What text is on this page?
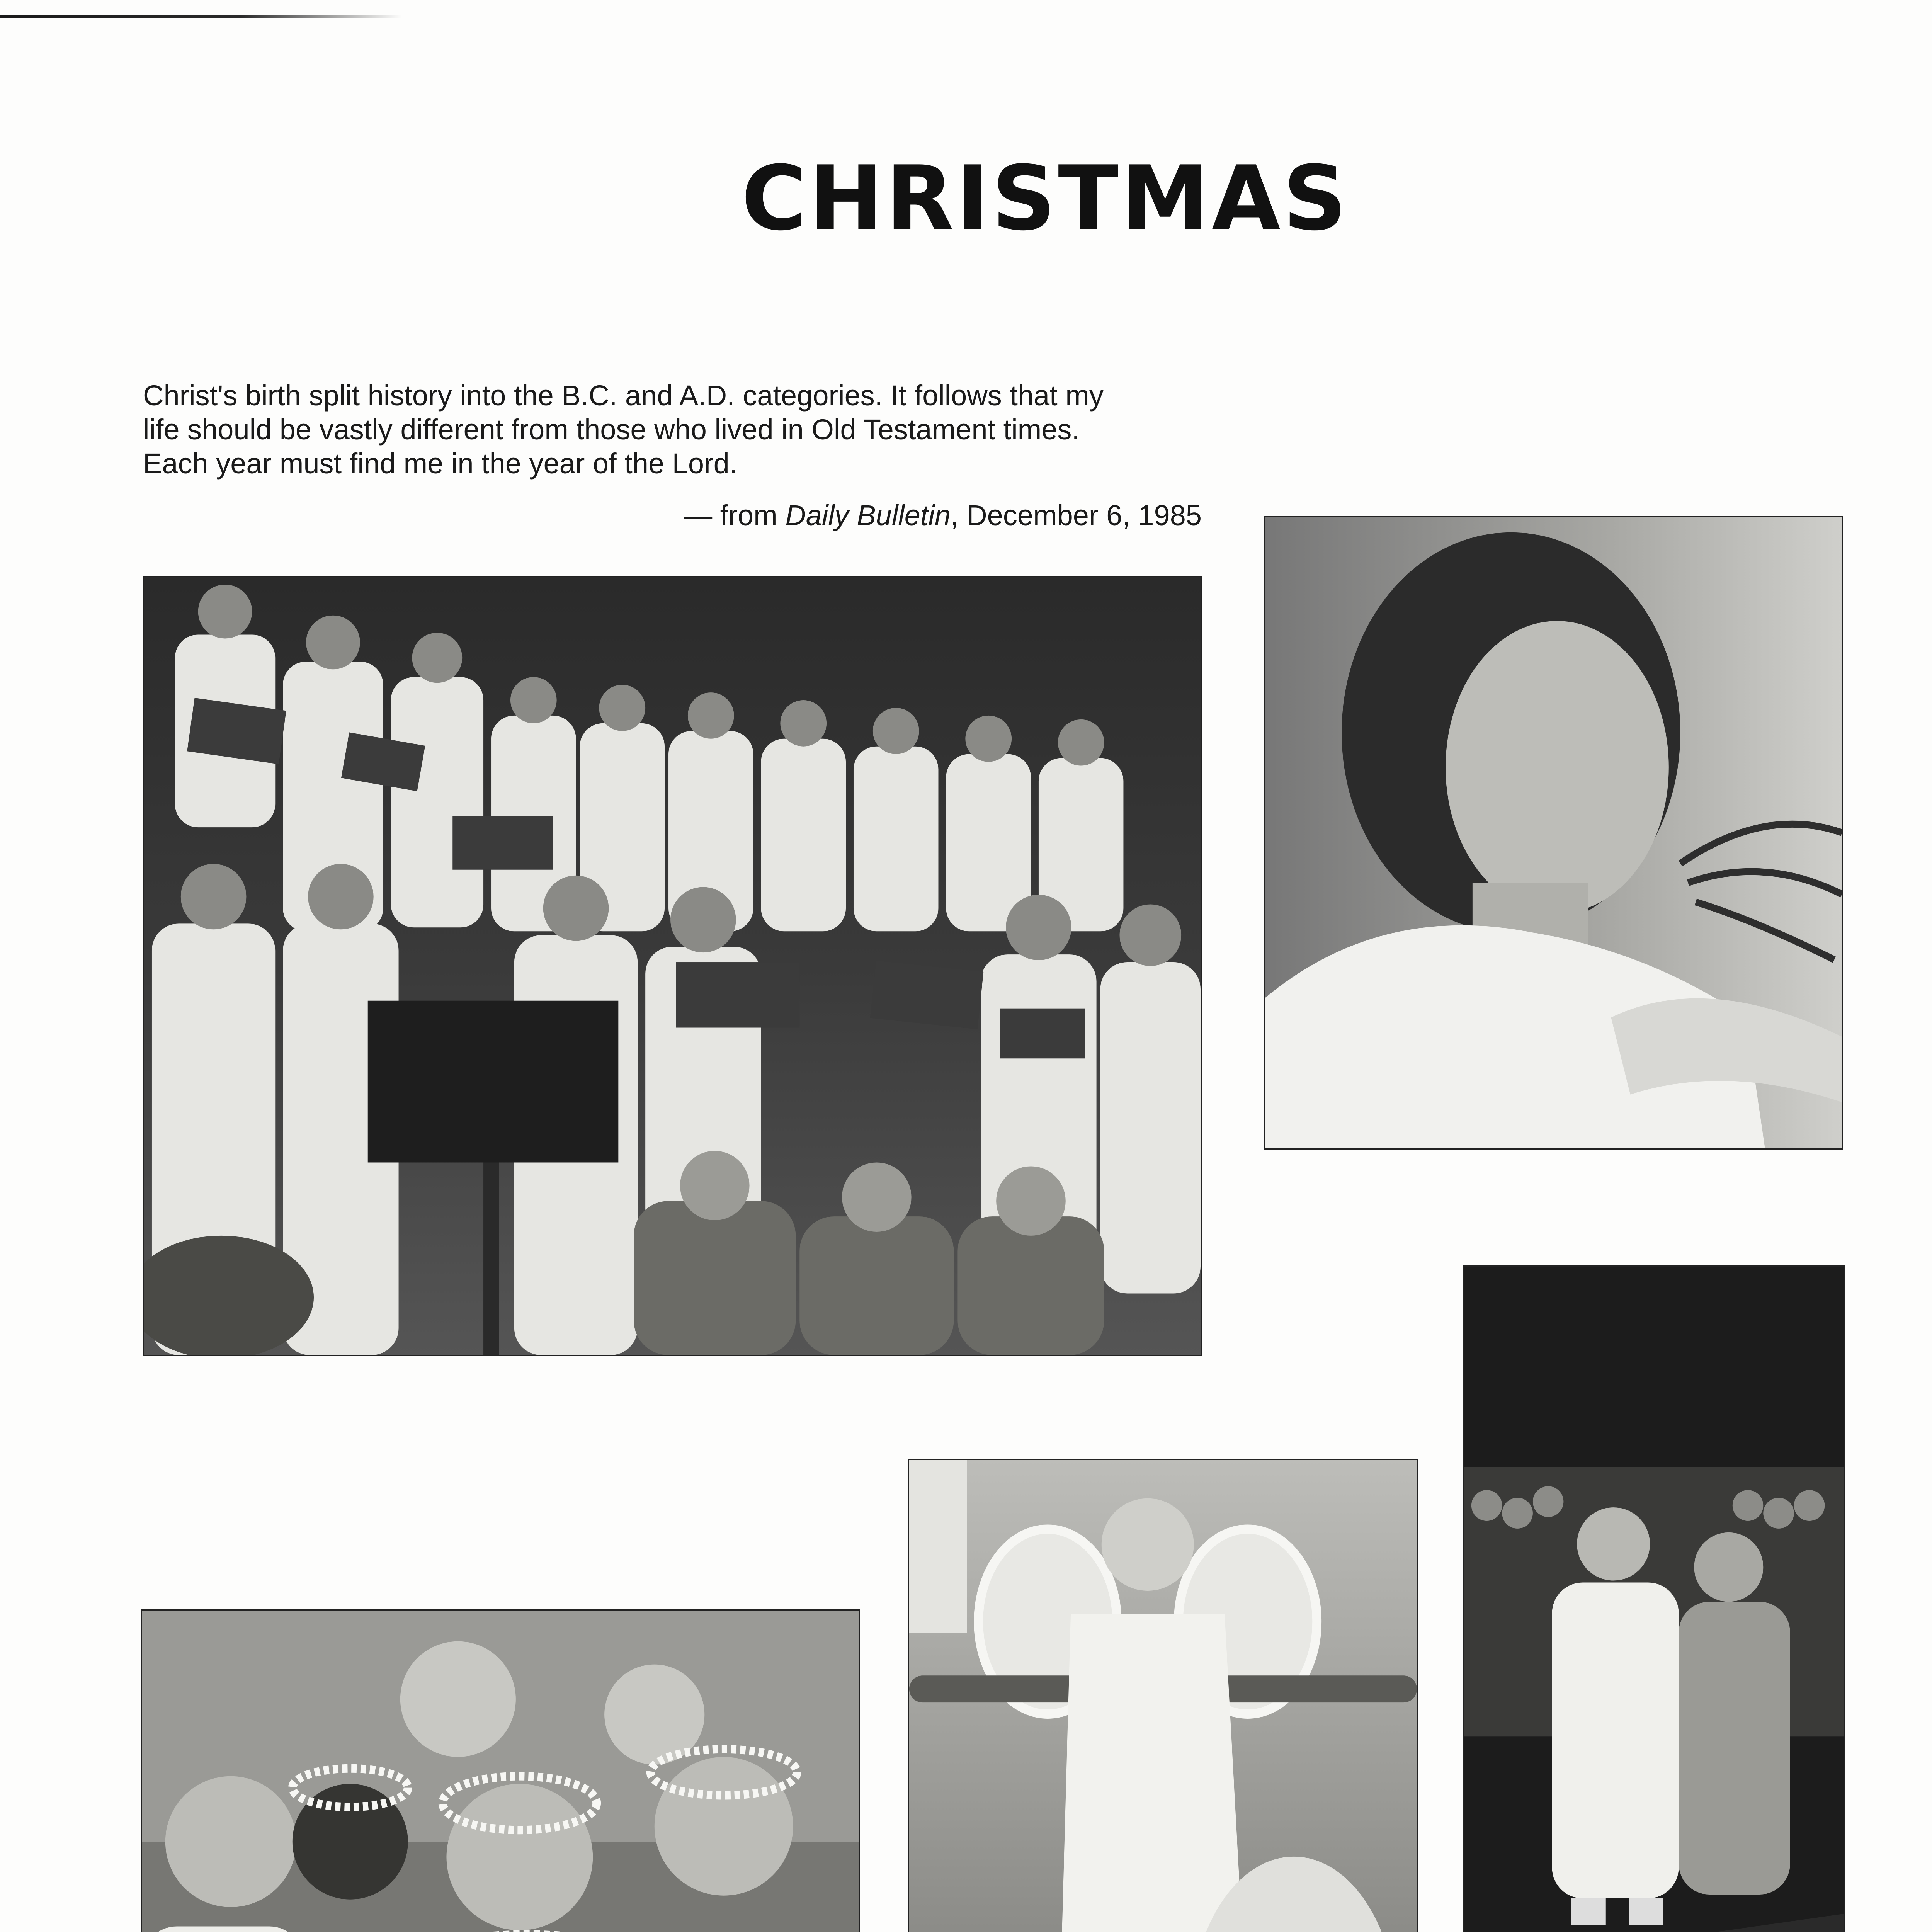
CHRISTMAS

Christ's birth split history into the B.C. and A.D. categories. It follows that my

life should be vastly different from those who lived in Old Testament times.

Each year must find me in the year of the Lord.

— from Daily Bulletin, December 6, 1985
